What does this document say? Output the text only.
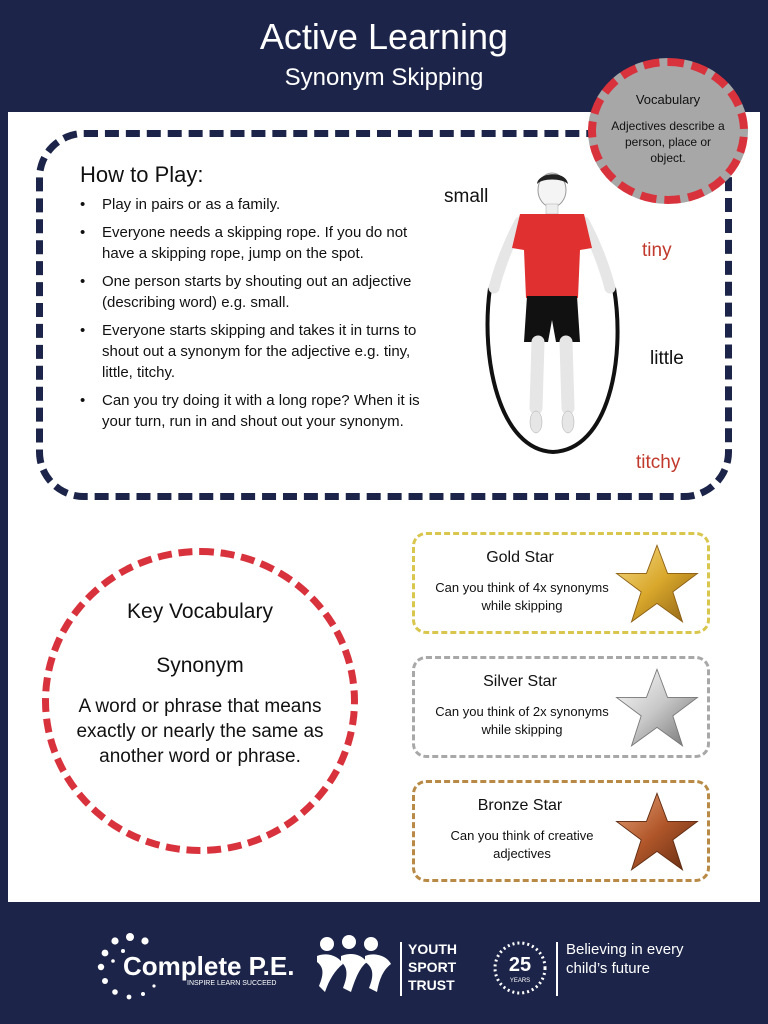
Active Learning
Synonym Skipping
How to Play:
• Play in pairs or as a family.
• Everyone needs a skipping rope. If you do not have a skipping rope, jump on the spot.
• One person starts by shouting out an adjective (describing word) e.g. small.
• Everyone starts skipping and takes it in turns to shout out a synonym for the adjective e.g. tiny, little, titchy.
• Can you try doing it with a long rope? When it is your turn, run in and shout out your synonym.
small
tiny
little
titchy
Vocabulary
Adjectives describe a person, place or object.
Key Vocabulary
Synonym
A word or phrase that means exactly or nearly the same as another word or phrase.
Gold Star
Can you think of 4x synonyms while skipping
Silver Star
Can you think of 2x synonyms while skipping
Bronze Star
Can you think of creative adjectives
Complete P.E.
INSPIRE LEARN SUCCEED
YOUTH
SPORT
TRUST
25
YEARS
Believing in every child’s future
